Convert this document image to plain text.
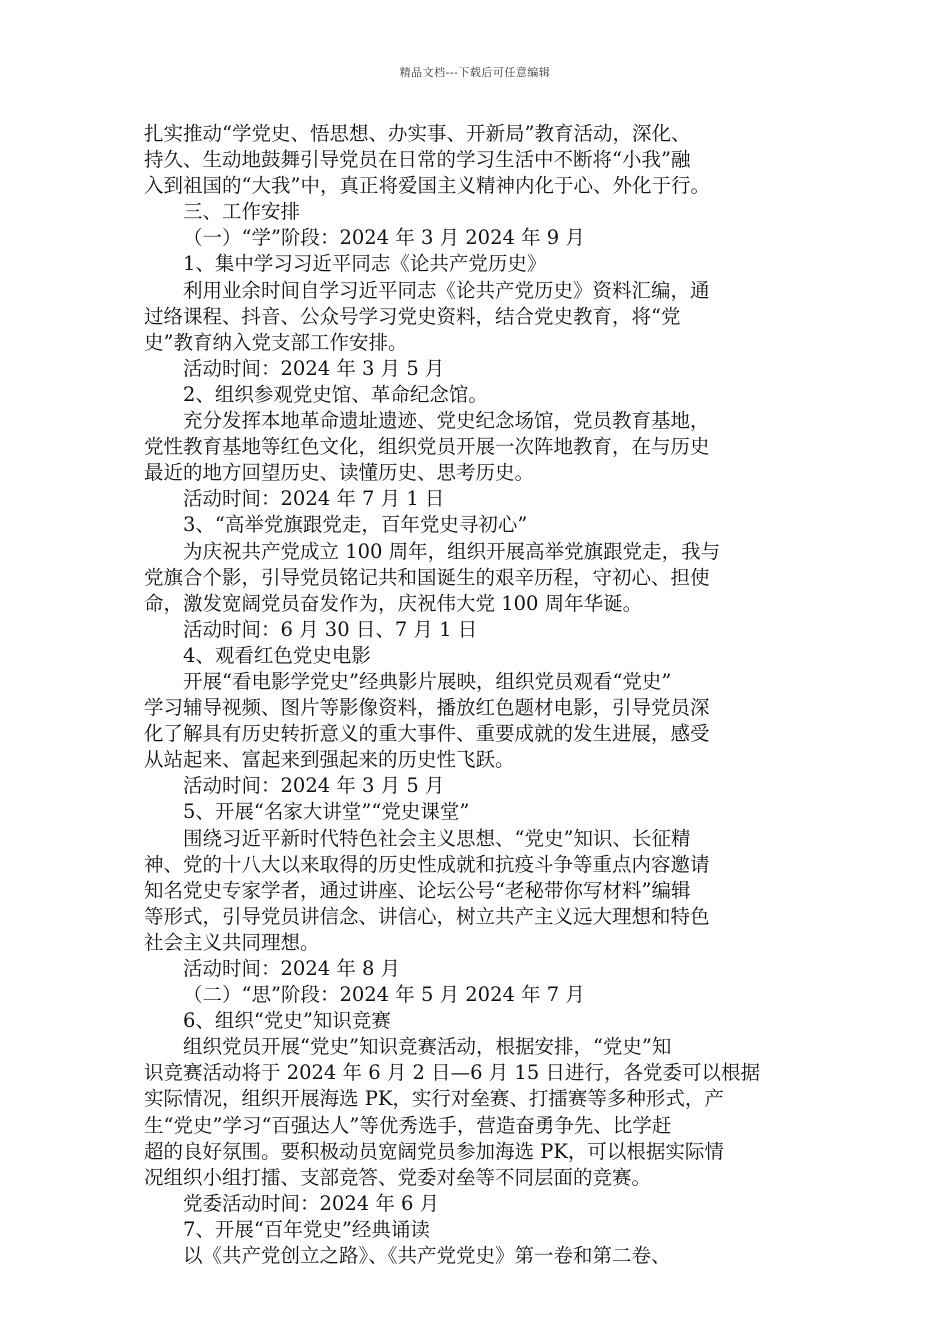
精品文档---下载后可任意编辑
扎实推动“学党史、悟思想、办实事、开新局”教育活动，深化、
持久、生动地鼓舞引导党员在日常的学习生活中不断将“小我”融
入到祖国的“大我”中，真正将爱国主义精神内化于心、外化于行。
三、工作安排
（一）“学”阶段：2024 年 3 月 2024 年 9 月
1、集中学习习近平同志《论共产党历史》
利用业余时间自学习近平同志《论共产党历史》资料汇编，通
过络课程、抖音、公众号学习党史资料，结合党史教育，将“党
史”教育纳入党支部工作安排。
活动时间：2024 年 3 月 5 月
2、组织参观党史馆、革命纪念馆。
充分发挥本地革命遗址遗迹、党史纪念场馆，党员教育基地，
党性教育基地等红色文化，组织党员开展一次阵地教育，在与历史
最近的地方回望历史、读懂历史、思考历史。
活动时间：2024 年 7 月 1 日
3、“高举党旗跟党走，百年党史寻初心”
为庆祝共产党成立 100 周年，组织开展高举党旗跟党走，我与
党旗合个影，引导党员铭记共和国诞生的艰辛历程，守初心、担使
命，激发宽阔党员奋发作为，庆祝伟大党 100 周年华诞。
活动时间：6 月 30 日、7 月 1 日
4、观看红色党史电影
开展“看电影学党史”经典影片展映，组织党员观看“党史”
学习辅导视频、图片等影像资料，播放红色题材电影，引导党员深
化了解具有历史转折意义的重大事件、重要成就的发生进展，感受
从站起来、富起来到强起来的历史性飞跃。
活动时间：2024 年 3 月 5 月
5、开展“名家大讲堂”“党史课堂”
围绕习近平新时代特色社会主义思想、“党史”知识、长征精
神、党的十八大以来取得的历史性成就和抗疫斗争等重点内容邀请
知名党史专家学者，通过讲座、论坛公号“老秘带你写材料”编辑
等形式，引导党员讲信念、讲信心，树立共产主义远大理想和特色
社会主义共同理想。
活动时间：2024 年 8 月
（二）“思”阶段：2024 年 5 月 2024 年 7 月
6、组织“党史”知识竞赛
组织党员开展“党史”知识竞赛活动，根据安排，“党史”知
识竞赛活动将于 2024 年 6 月 2 日—6 月 15 日进行，各党委可以根据
实际情况，组织开展海选 PK，实行对垒赛、打擂赛等多种形式，产
生“党史”学习“百强达人”等优秀选手，营造奋勇争先、比学赶
超的良好氛围。要积极动员宽阔党员参加海选 PK，可以根据实际情
况组织小组打擂、支部竞答、党委对垒等不同层面的竞赛。
党委活动时间：2024 年 6 月
7、开展“百年党史”经典诵读
以《共产党创立之路》、《共产党党史》第一卷和第二卷、
